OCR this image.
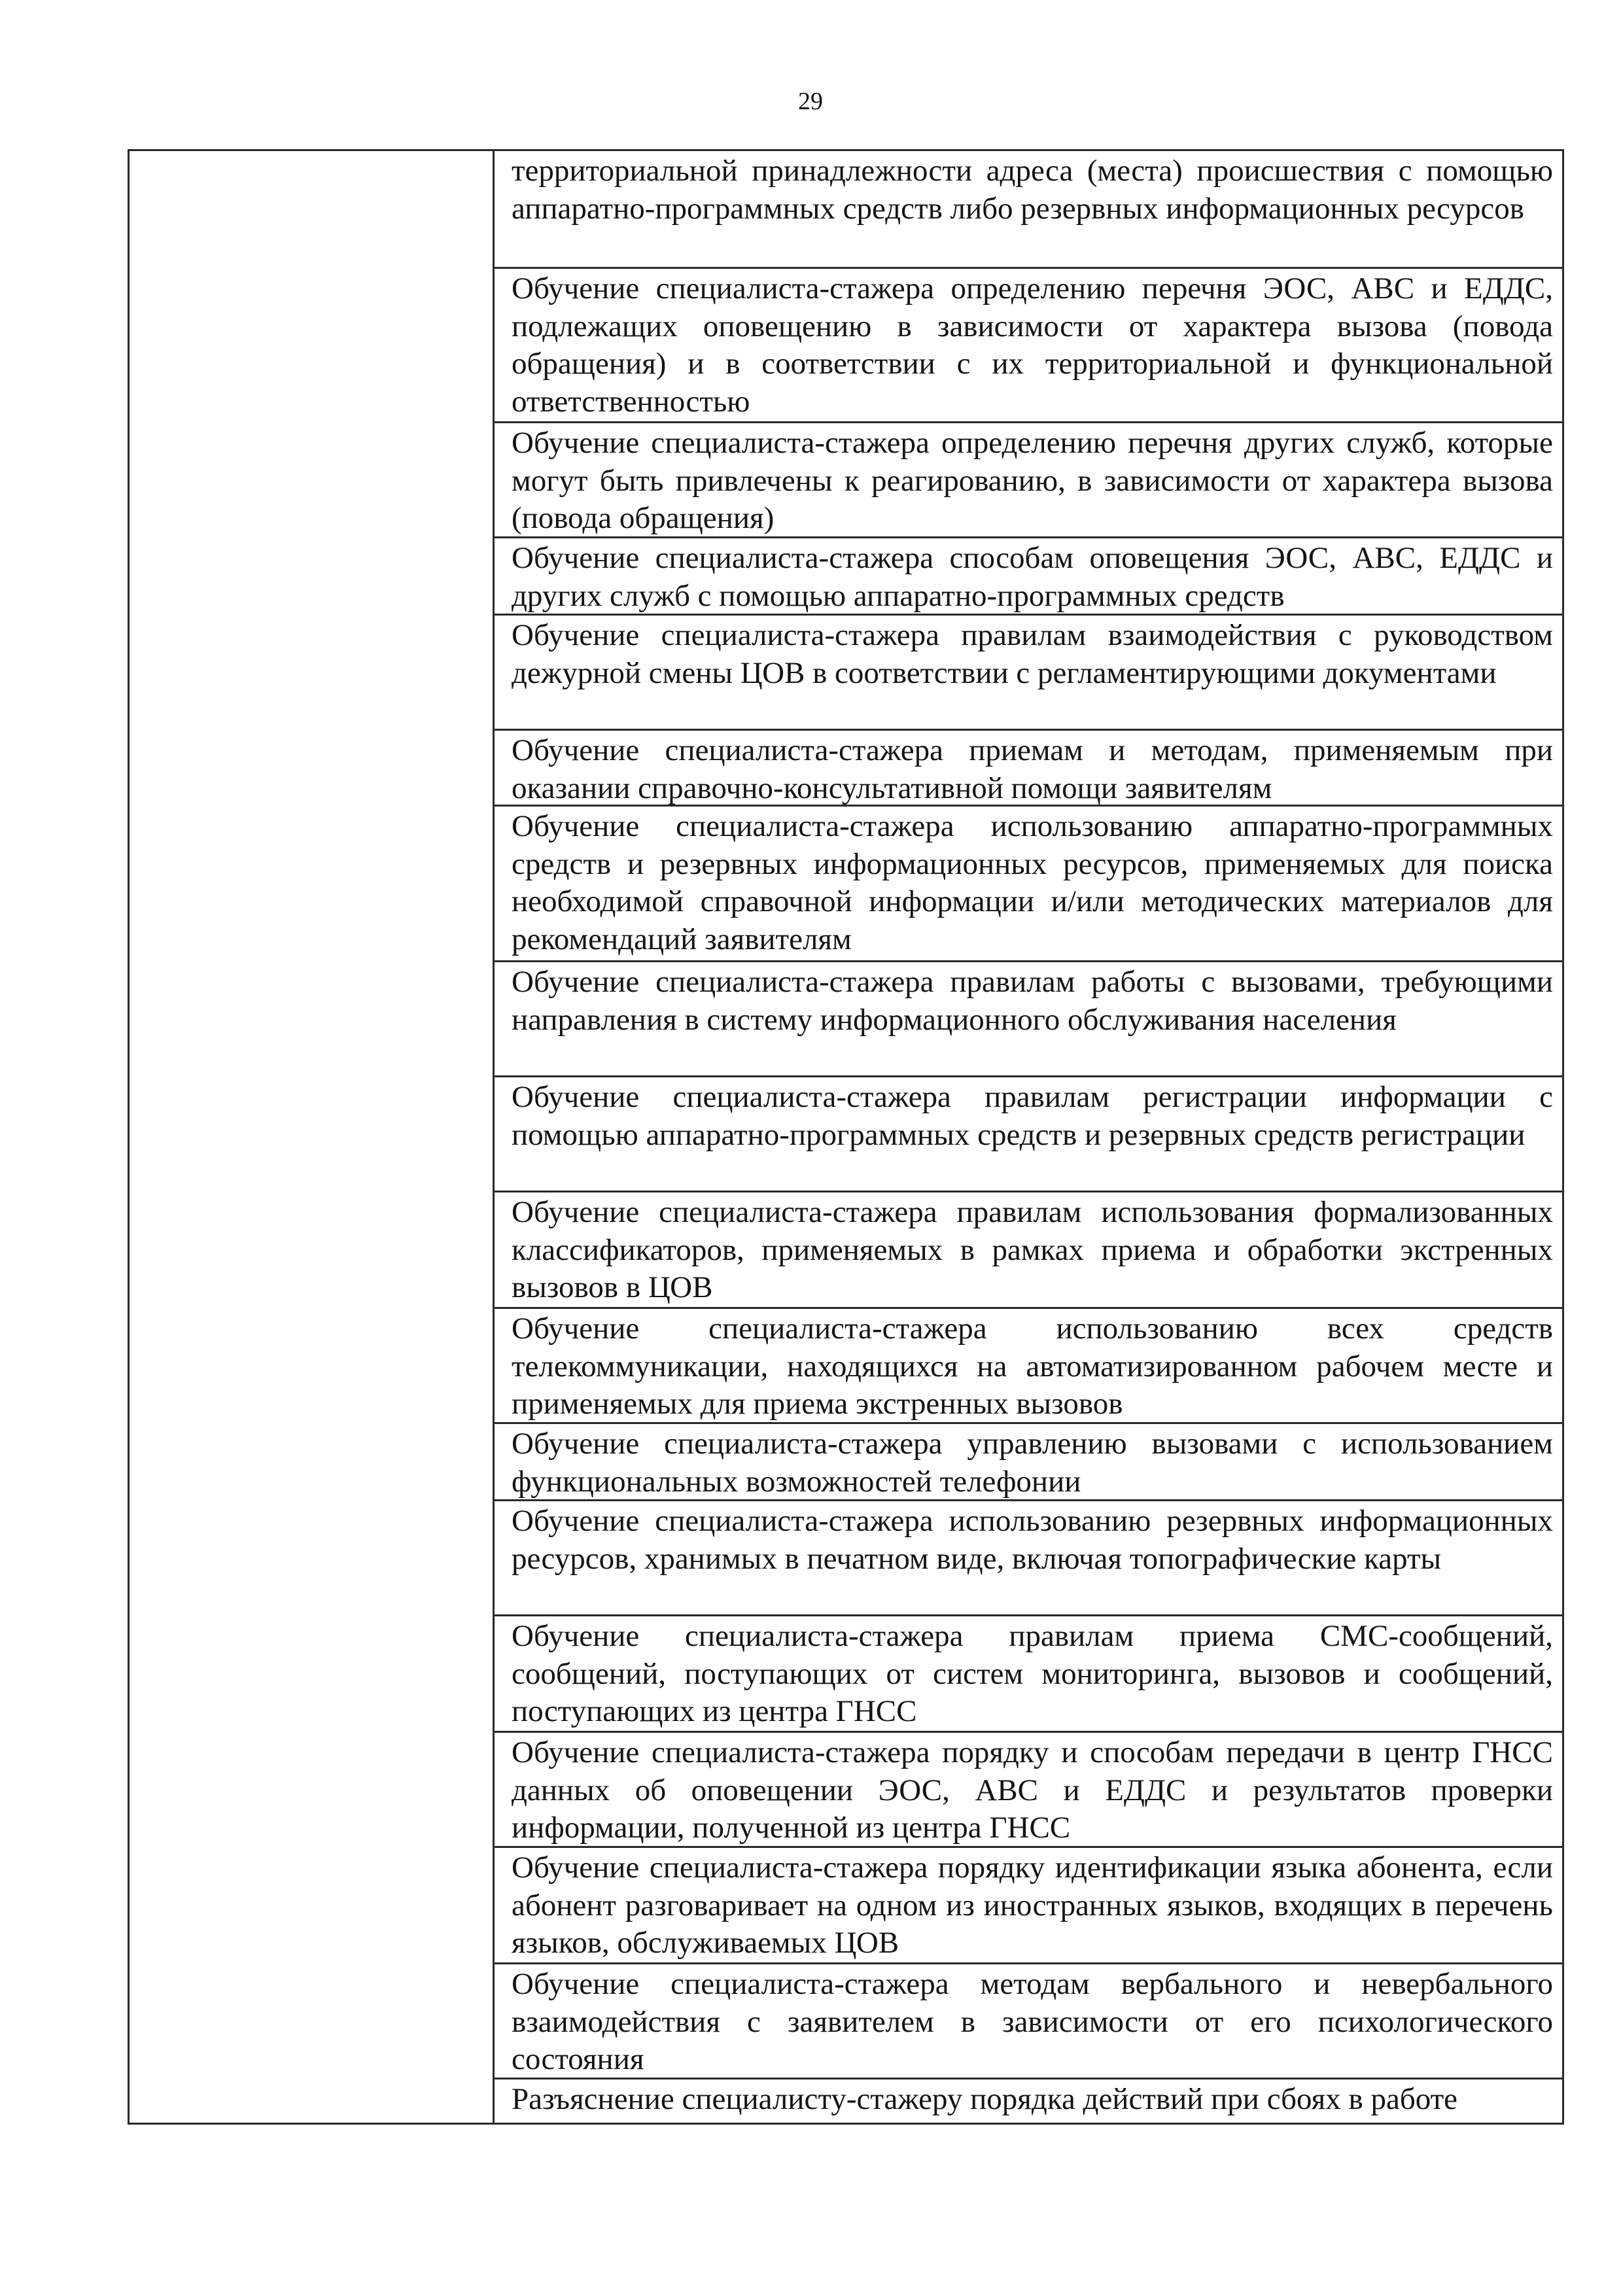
29

территориальной принадлежности адреса (места) происшествия с помощью аппаратно-программных средств либо резервных информационных ресурсов

Обучение специалиста-стажера определению перечня ЭОС, АВС и ЕДДС, подлежащих оповещению в зависимости от характера вызова (повода обращения) и в соответствии с их территориальной и функциональной ответственностью

Обучение специалиста-стажера определению перечня других служб, которые могут быть привлечены к реагированию, в зависимости от характера вызова (повода обращения)

Обучение специалиста-стажера способам оповещения ЭОС, АВС, ЕДДС и других служб с помощью аппаратно-программных средств

Обучение специалиста-стажера правилам взаимодействия с руководством дежурной смены ЦОВ в соответствии с регламентирующими документами

Обучение специалиста-стажера приемам и методам, применяемым при оказании справочно-консультативной помощи заявителям

Обучение специалиста-стажера использованию аппаратно-программных средств и резервных информационных ресурсов, применяемых для поиска необходимой справочной информации и/или методических материалов для рекомендаций заявителям

Обучение специалиста-стажера правилам работы с вызовами, требующими направления в систему информационного обслуживания населения

Обучение специалиста-стажера правилам регистрации информации с помощью аппаратно-программных средств и резервных средств регистрации

Обучение специалиста-стажера правилам использования формализованных классификаторов, применяемых в рамках приема и обработки экстренных вызовов в ЦОВ

Обучение специалиста-стажера использованию всех средств телекоммуникации, находящихся на автоматизированном рабочем месте и применяемых для приема экстренных вызовов

Обучение специалиста-стажера управлению вызовами с использованием функциональных возможностей телефонии

Обучение специалиста-стажера использованию резервных информационных ресурсов, хранимых в печатном виде, включая топографические карты

Обучение специалиста-стажера правилам приема СМС-сообщений, сообщений, поступающих от систем мониторинга, вызовов и сообщений, поступающих из центра ГНСС

Обучение специалиста-стажера порядку и способам передачи в центр ГНСС данных об оповещении ЭОС, АВС и ЕДДС и результатов проверки информации, полученной из центра ГНСС

Обучение специалиста-стажера порядку идентификации языка абонента, если абонент разговаривает на одном из иностранных языков, входящих в перечень языков, обслуживаемых ЦОВ

Обучение специалиста-стажера методам вербального и невербального взаимодействия с заявителем в зависимости от его психологического состояния

Разъяснение специалисту-стажеру порядка действий при сбоях в работе
